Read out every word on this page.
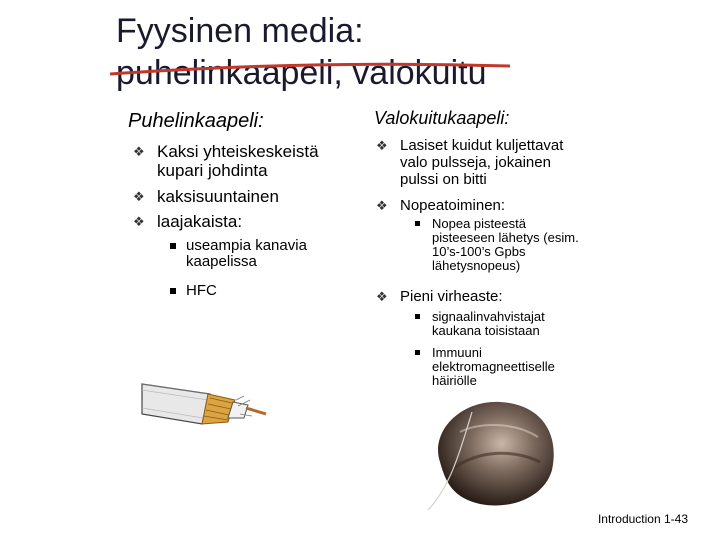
Fyysinen media:
puhelinkaapeli, valokuitu
Puhelinkaapeli:
❖ Kaksi yhteiskeskeistä
kupari johdinta
❖ kaksisuuntainen
❖ laajakaista:
useampia kanavia
kaapelissa
HFC
Valokuitukaapeli:
❖ Lasiset kuidut kuljettavat
valo pulsseja, jokainen
pulssi on bitti
❖ Nopeatoiminen:
Nopea pisteestä
pisteeseen lähetys (esim.
10’s-100’s Gpbs
lähetysnopeus)
❖ Pieni virheaste:
signaalinvahvistajat
kaukana toisistaan
Immuuni
elektromagneettiselle
häiriölle
Introduction 1-43
